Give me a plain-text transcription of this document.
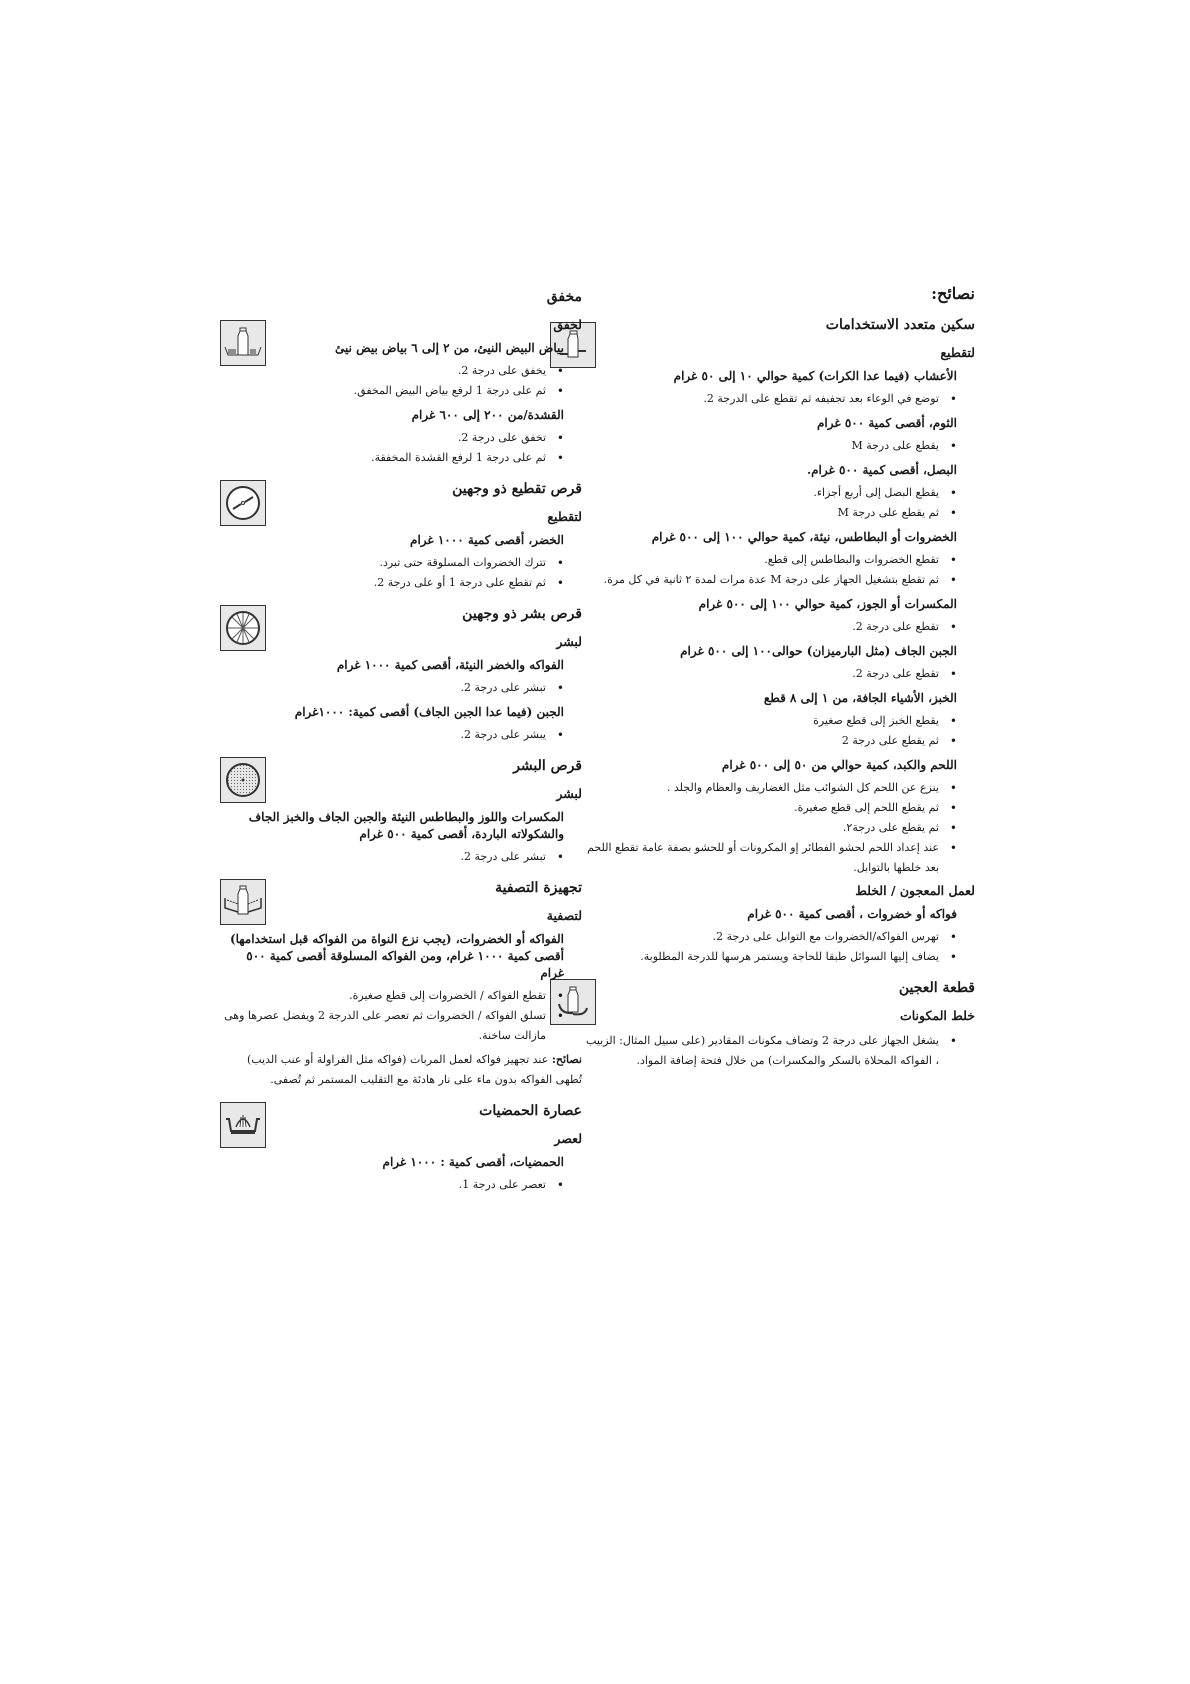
نصائح:
سكين متعدد الاستخدامات
لتقطيع
الأعشاب (فيما عدا الكرات) كمية حوالي ١٠ إلى ٥٠ غرام
• توضع في الوعاء بعد تجفيفه ثم تقطع على الدرجة 2.
الثوم، أقصى كمية ٥٠٠ غرام
• يقطع على درجة M
البصل، أقصى كمية ٥٠٠ غرام.
• يقطع البصل إلى أربع أجزاء.
• ثم يقطع على درجة M
الخضروات أو البطاطس، نيئة، كمية حوالي ١٠٠ إلى ٥٠٠ غرام
• تقطع الخضروات والبطاطس إلى قطع.
• ثم تقطع بتشغيل الجهاز على درجة M عدة مرات لمدة ٢ ثانية في كل مرة.
المكسرات أو الجوز، كمية حوالي ١٠٠ إلى ٥٠٠ غرام
• تقطع على درجة 2.
الجبن الجاف (مثل البارميزان) حوالى١٠٠ إلى ٥٠٠ غرام
• تقطع على درجة 2.
الخبز، الأشياء الجافة، من ١ إلى ٨ قطع
• يقطع الخبز إلى قطع صغيرة
• ثم يقطع على درجة 2
اللحم والكبد، كمية حوالي من ٥٠ إلى ٥٠٠ غرام
• ينزع عن اللحم كل الشوائب مثل الغضاريف والعظام والجلد .
• ثم يقطع اللحم إلى قطع صغيرة.
• ثم يقطع على درجة٢.
• عند إعداد اللحم لحشو الفطائر إو المكرونات أو للحشو بصفة عامة تقطع اللحم بعد خلطها بالتوابل.
لعمل المعجون / الخلط
فواكه أو خضروات ، أقصى كمية ٥٠٠ غرام
• تهرس الفواكه/الخضروات مع التوابل على درجة 2.
• يضاف إليها السوائل طبقا للحاجة ويستمر هرسها للدرجة المطلوبة.
قطعة العجين
خلط المكونات
• يشغل الجهاز على درجة 2 وتضاف مكونات المقادير (على سبيل المثال: الزبيب ، الفواكه المحلاة بالسكر والمكسرات) من خلال فتحة إضافة المواد.
مخفق
لخفق
بياض البيض النيئ، من ٢ إلى ٦ بياض بيض نيئ
• يخفق على درجة 2.
• ثم على درجة 1 لرفع بياض البيض المخفق.
القشدة/من ٢٠٠ إلى ٦٠٠ غرام
• تخفق على درجة 2.
• ثم على درجة 1 لرفع القشدة المخفقة.
قرص تقطيع ذو وجهين
لتقطيع
الخضر، أقصى كمية ١٠٠٠ غرام
• تترك الخضروات المسلوقة حتى تبرد.
• ثم تقطع على درجة 1 أو على درجة 2.
قرص بشر ذو وجهين
لبشر
الفواكه والخضر النيئة، أقصى كمية ١٠٠٠ غرام
• تبشر على درجة 2.
الجبن (فيما عدا الجبن الجاف) أقصى كمية: ١٠٠٠غرام
• يبشر على درجة 2.
قرص البشر
لبشر
المكسرات واللوز والبطاطس النيئة والجبن الجاف والخبز الجاف والشكولاته الباردة، أقصى كمية ٥٠٠ غرام
• تبشر على درجة 2.
تجهيزة التصفية
لتصفية
الفواكه أو الخضروات، (يجب نزع النواة من الفواكه قبل استخدامها) أقصى كمية ١٠٠٠ غرام، ومن الفواكه المسلوقة أقصى كمية ٥٠٠ غرام
• تقطع الفواكه / الخضروات إلى قطع صغيرة.
• تسلق الفواكه / الخضروات ثم تعصر على الدرجة 2 ويفضل عصرها وهى مازالت ساخنة.
نصائح: عند تجهيز فواكه لعمل المربات (فواكه مثل الفراولة أو عنب الديب) تُطهى الفواكه بدون ماء على نار هادئة مع التقليب المستمر ثم تُصفى.
عصارة الحمضيات
لعصر
الحمضيات، أقصى كمية : ١٠٠٠ غرام
• تعصر على درجة 1.
